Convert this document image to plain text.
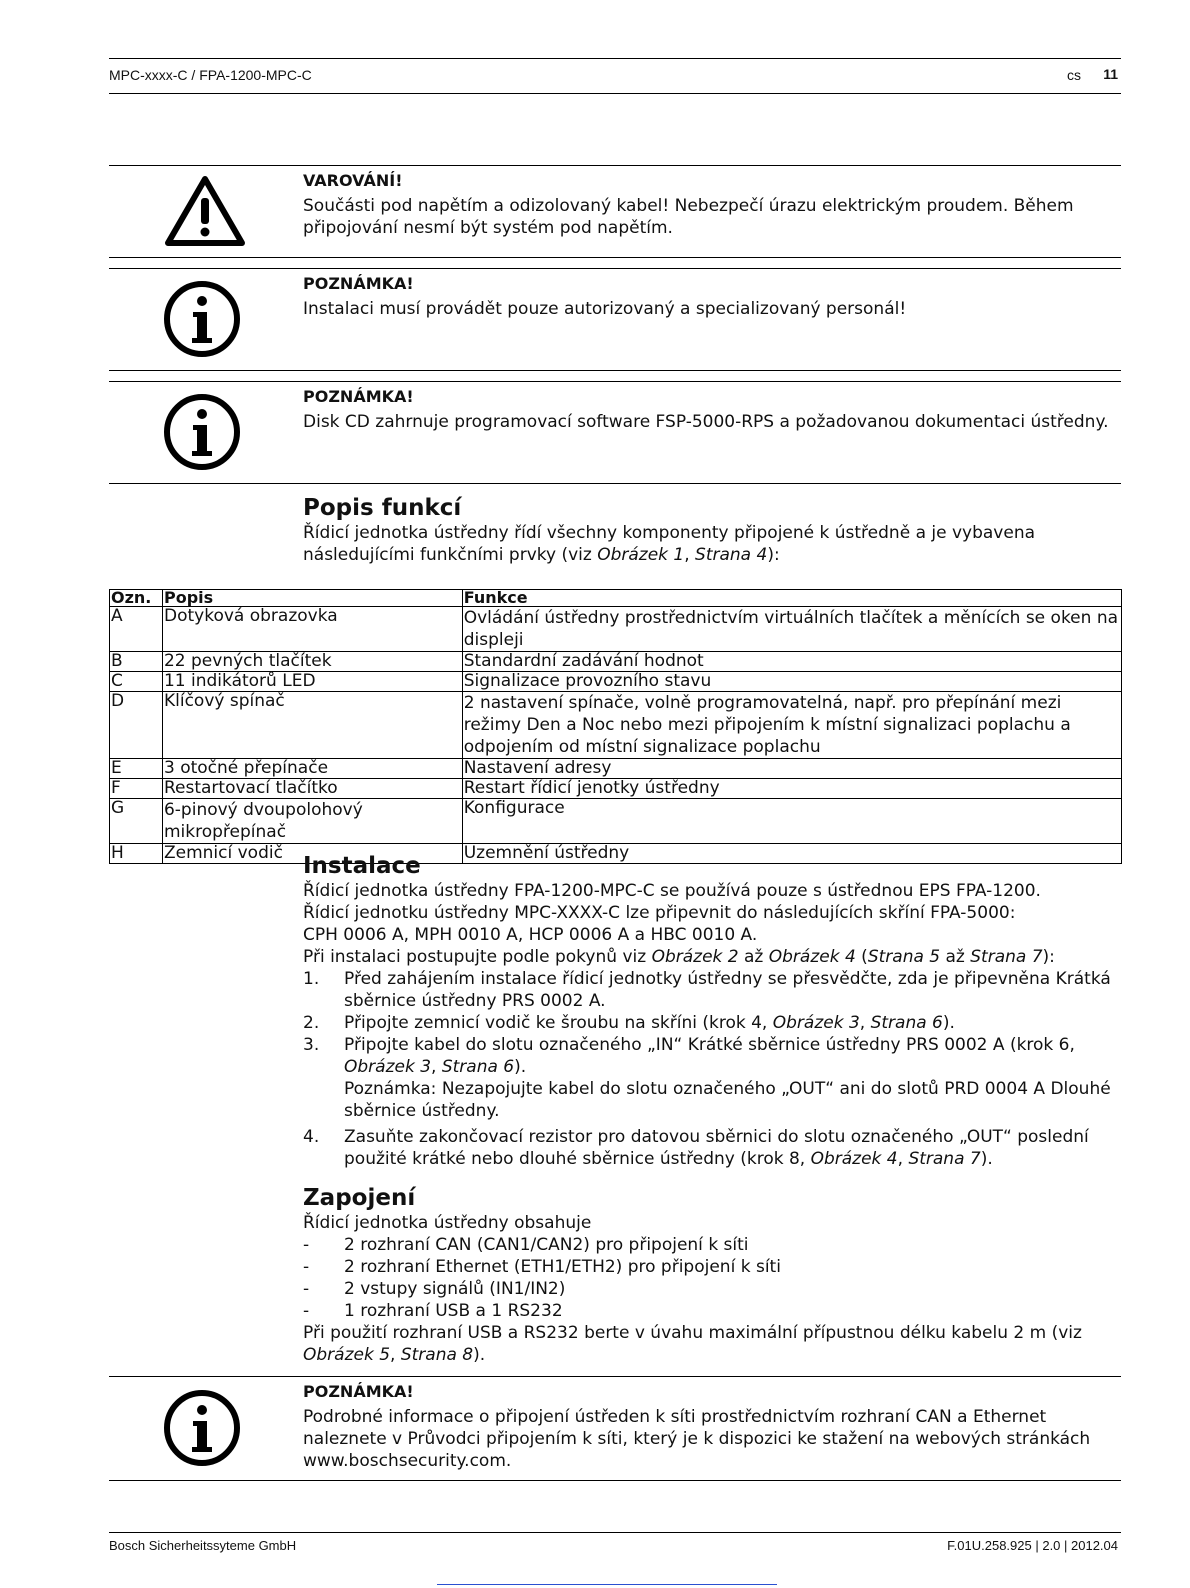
MPC-xxxx-C / FPA-1200-MPC-C	cs 11
VAROVÁNÍ!
Součásti pod napětím a odizolovaný kabel! Nebezpečí úrazu elektrickým proudem. Během připojování nesmí být systém pod napětím.
POZNÁMKA!
Instalaci musí provádět pouze autorizovaný a specializovaný personál!
POZNÁMKA!
Disk CD zahrnuje programovací software FSP-5000-RPS a požadovanou dokumentaci ústředny.
Popis funkcí

Řídicí jednotka ústředny řídí všechny komponenty připojené k ústředně a je vybavena následujícími funkčními prvky (viz Obrázek 1, Strana 4):

Ozn.	Popis	Funkce
A	Dotyková obrazovka	Ovládání ústředny prostřednictvím virtuálních tlačítek a měnících se oken na displeji
B	22 pevných tlačítek	Standardní zadávání hodnot
C	11 indikátorů LED	Signalizace provozního stavu
D	Klíčový spínač	2 nastavení spínače, volně programovatelná, např. pro přepínání mezi režimy Den a Noc nebo mezi připojením k místní signalizaci poplachu a odpojením od místní signalizace poplachu
E	3 otočné přepínače	Nastavení adresy
F	Restartovací tlačítko	Restart řídicí jenotky ústředny
G	6-pinový dvoupolohový mikropřepínač	Konfigurace
H	Zemnicí vodič	Uzemnění ústředny
Instalace

Řídicí jednotka ústředny FPA-1200-MPC-C se používá pouze s ústřednou EPS FPA-1200.

Řídicí jednotku ústředny MPC-XXXX-C lze připevnit do následujících skříní FPA-5000:

CPH 0006 A, MPH 0010 A, HCP 0006 A a HBC 0010 A.

Při instalaci postupujte podle pokynů viz Obrázek 2 až Obrázek 4 (Strana 5 až Strana 7):

1. Před zahájením instalace řídicí jednotky ústředny se přesvědčte, zda je připevněna Krátká sběrnice ústředny PRS 0002 A.
2. Připojte zemnicí vodič ke šroubu na skříni (krok 4, Obrázek 3, Strana 6).
3. Připojte kabel do slotu označeného „IN“ Krátké sběrnice ústředny PRS 0002 A (krok 6, Obrázek 3, Strana 6).
Poznámka: Nezapojujte kabel do slotu označeného „OUT“ ani do slotů PRD 0004 A Dlouhé sběrnice ústředny.
4. Zasuňte zakončovací rezistor pro datovou sběrnici do slotu označeného „OUT“ poslední použité krátké nebo dlouhé sběrnice ústředny (krok 8, Obrázek 4, Strana 7).
Zapojení

Řídicí jednotka ústředny obsahuje

- 2 rozhraní CAN (CAN1/CAN2) pro připojení k síti
- 2 rozhraní Ethernet (ETH1/ETH2) pro připojení k síti
- 2 vstupy signálů (IN1/IN2)
- 1 rozhraní USB a 1 RS232

Při použití rozhraní USB a RS232 berte v úvahu maximální přípustnou délku kabelu 2 m (viz Obrázek 5, Strana 8).

POZNÁMKA!
Podrobné informace o připojení ústředen k síti prostřednictvím rozhraní CAN a Ethernet naleznete v Průvodci připojením k síti, který je k dispozici ke stažení na webových stránkách www.boschsecurity.com.
Bosch Sicherheitssyteme GmbH	F.01U.258.925 | 2.0 | 2012.04
